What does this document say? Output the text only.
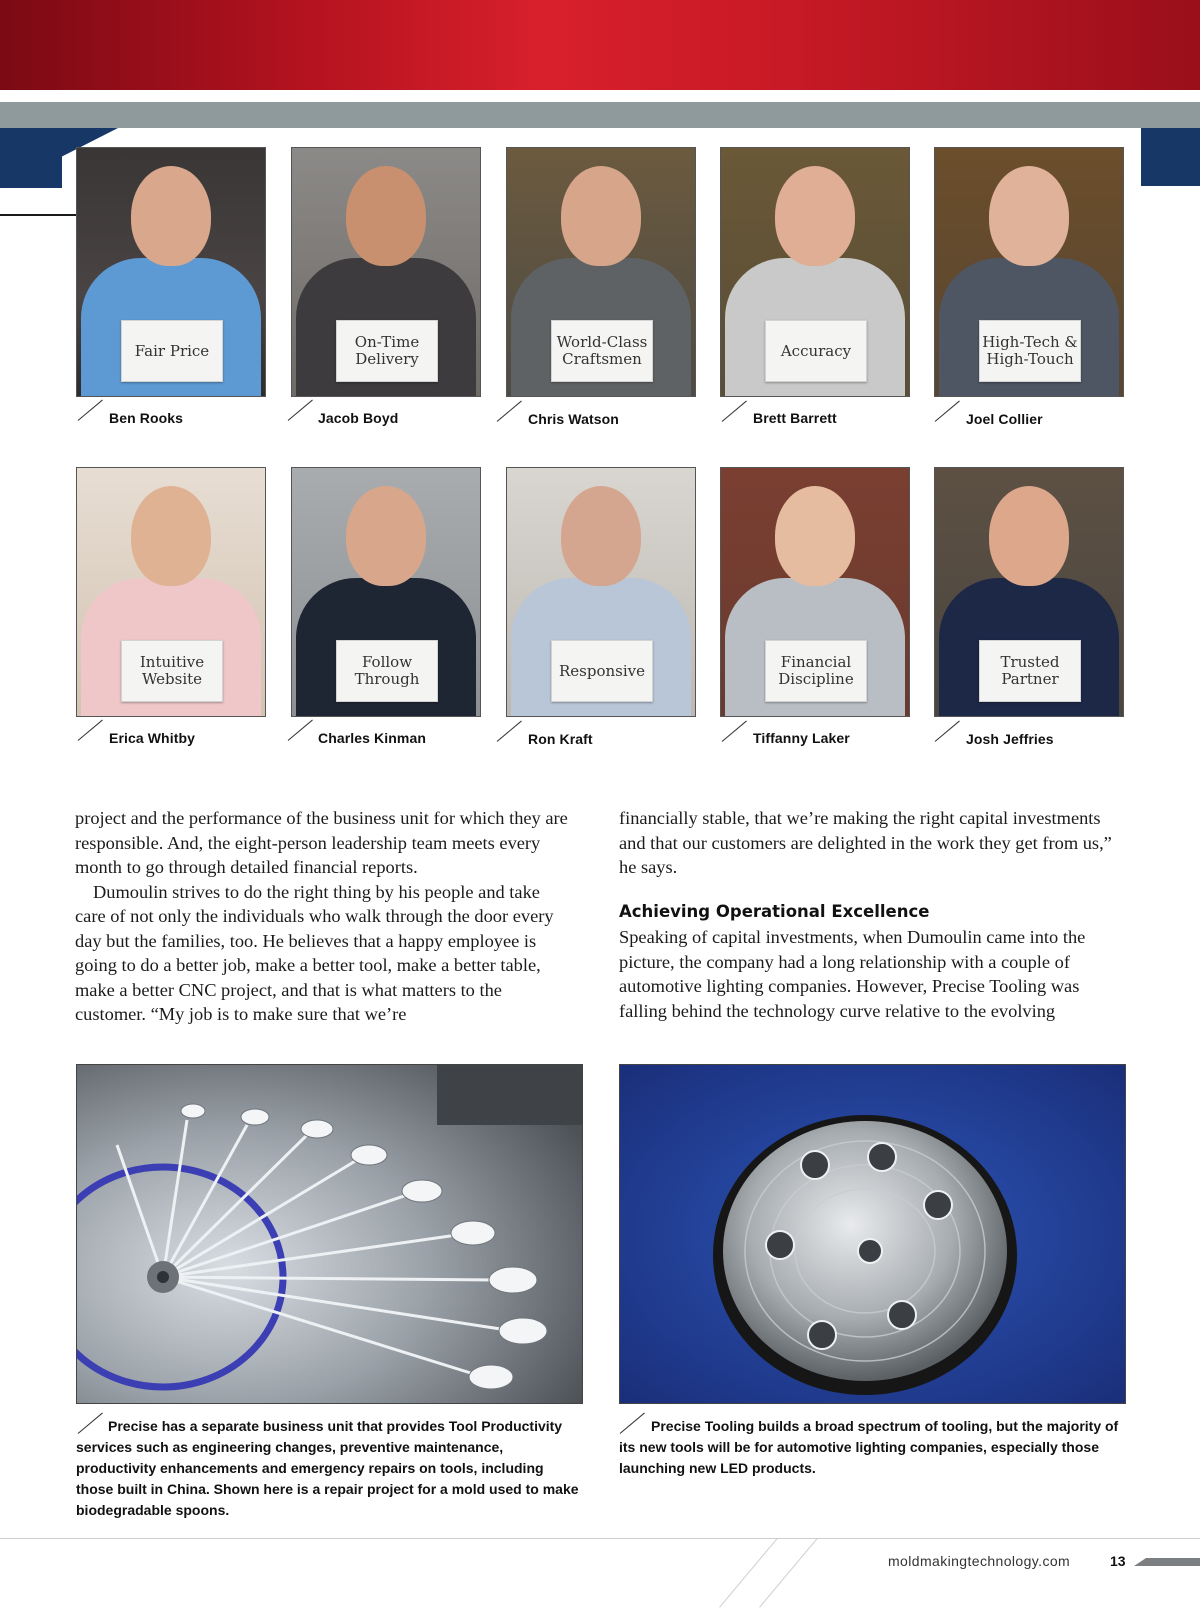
Fair Price	On-Time Delivery
World-Class Craftsmen	Accuracy	High-Tech & High-Touch
Ben Rooks	Jacob Boyd	Chris Watson	Brett Barrett	Joel Collier
Intuitive Website
Follow Through	Responsive	Financial Discipline
Trusted Partner
Erica Whitby	Charles Kinman	Ron Kraft	Tiffanny Laker	Josh Jeffries

project and the performance of the business unit for which they are responsible. And, the eight-person leadership team meets every month to go through detailed financial reports.

Dumoulin strives to do the right thing by his people and take care of not only the individuals who walk through the door every day but the families, too. He believes that a happy employee is going to do a better job, make a better tool, make a better table, make a better CNC project, and that is what matters to the customer. “My job is to make sure that we’re

financially stable, that we’re making the right capital investments and that our customers are delighted in the work they get from us,” he says.

Achieving Operational Excellence

Speaking of capital investments, when Dumoulin came into the picture, the company had a long relationship with a couple of automotive lighting companies. However, Precise Tooling was falling behind the technology curve relative to the evolving

Precise has a separate business unit that provides Tool Productivity services such as engineering changes, preventive maintenance, productivity enhancements and emergency repairs on tools, including those built in China. Shown here is a repair project for a mold used to make biodegradable spoons.
Precise Tooling builds a broad spectrum of tooling, but the majority of its new tools will be for automotive lighting companies, especially those launching new LED products.
moldmakingtechnology.com	13
